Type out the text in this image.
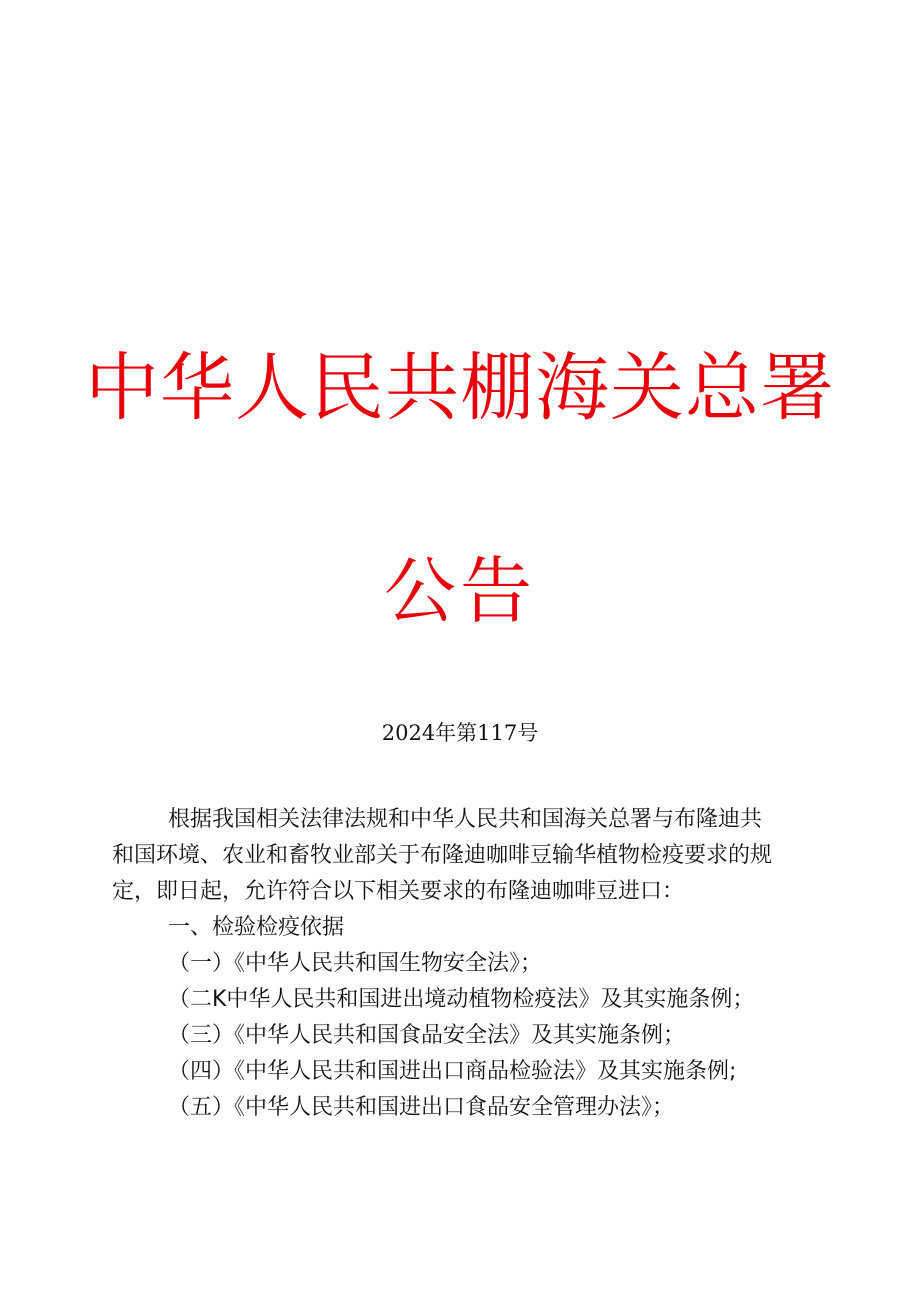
中华人民共棚海关总署
公告
2024年第117号
根据我国相关法律法规和中华人民共和国海关总署与布隆迪共
和国环境、农业和畜牧业部关于布隆迪咖啡豆输华植物检疫要求的规
定，即日起，允许符合以下相关要求的布隆迪咖啡豆进口：
一、检验检疫依据
（一）《中华人民共和国生物安全法》；
（二K中华人民共和国进出境动植物检疫法》及其实施条例；
（三）《中华人民共和国食品安全法》及其实施条例；
（四）《中华人民共和国进出口商品检验法》及其实施条例;
（五）《中华人民共和国进出口食品安全管理办法》；
